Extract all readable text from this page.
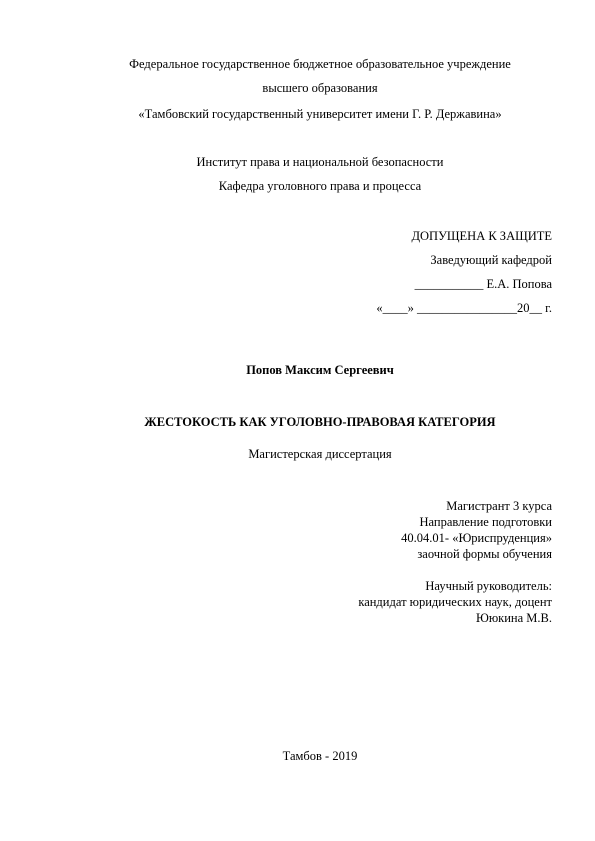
Федеральное государственное бюджетное образовательное учреждение
высшего образования
«Тамбовский государственный университет имени Г. Р. Державина»
Институт права и национальной безопасности
Кафедра уголовного права и процесса
ДОПУЩЕНА К ЗАЩИТЕ
Заведующий кафедрой
___________ Е.А. Попова
«____» ________________20__ г.
Попов Максим Сергеевич
ЖЕСТОКОСТЬ КАК УГОЛОВНО-ПРАВОВАЯ КАТЕГОРИЯ
Магистерская диссертация
Магистрант 3 курса
Направление подготовки
40.04.01- «Юриспруденция»
заочной формы обучения
Научный руководитель:
кандидат юридических наук, доцент
Ююкина М.В.
Тамбов - 2019
